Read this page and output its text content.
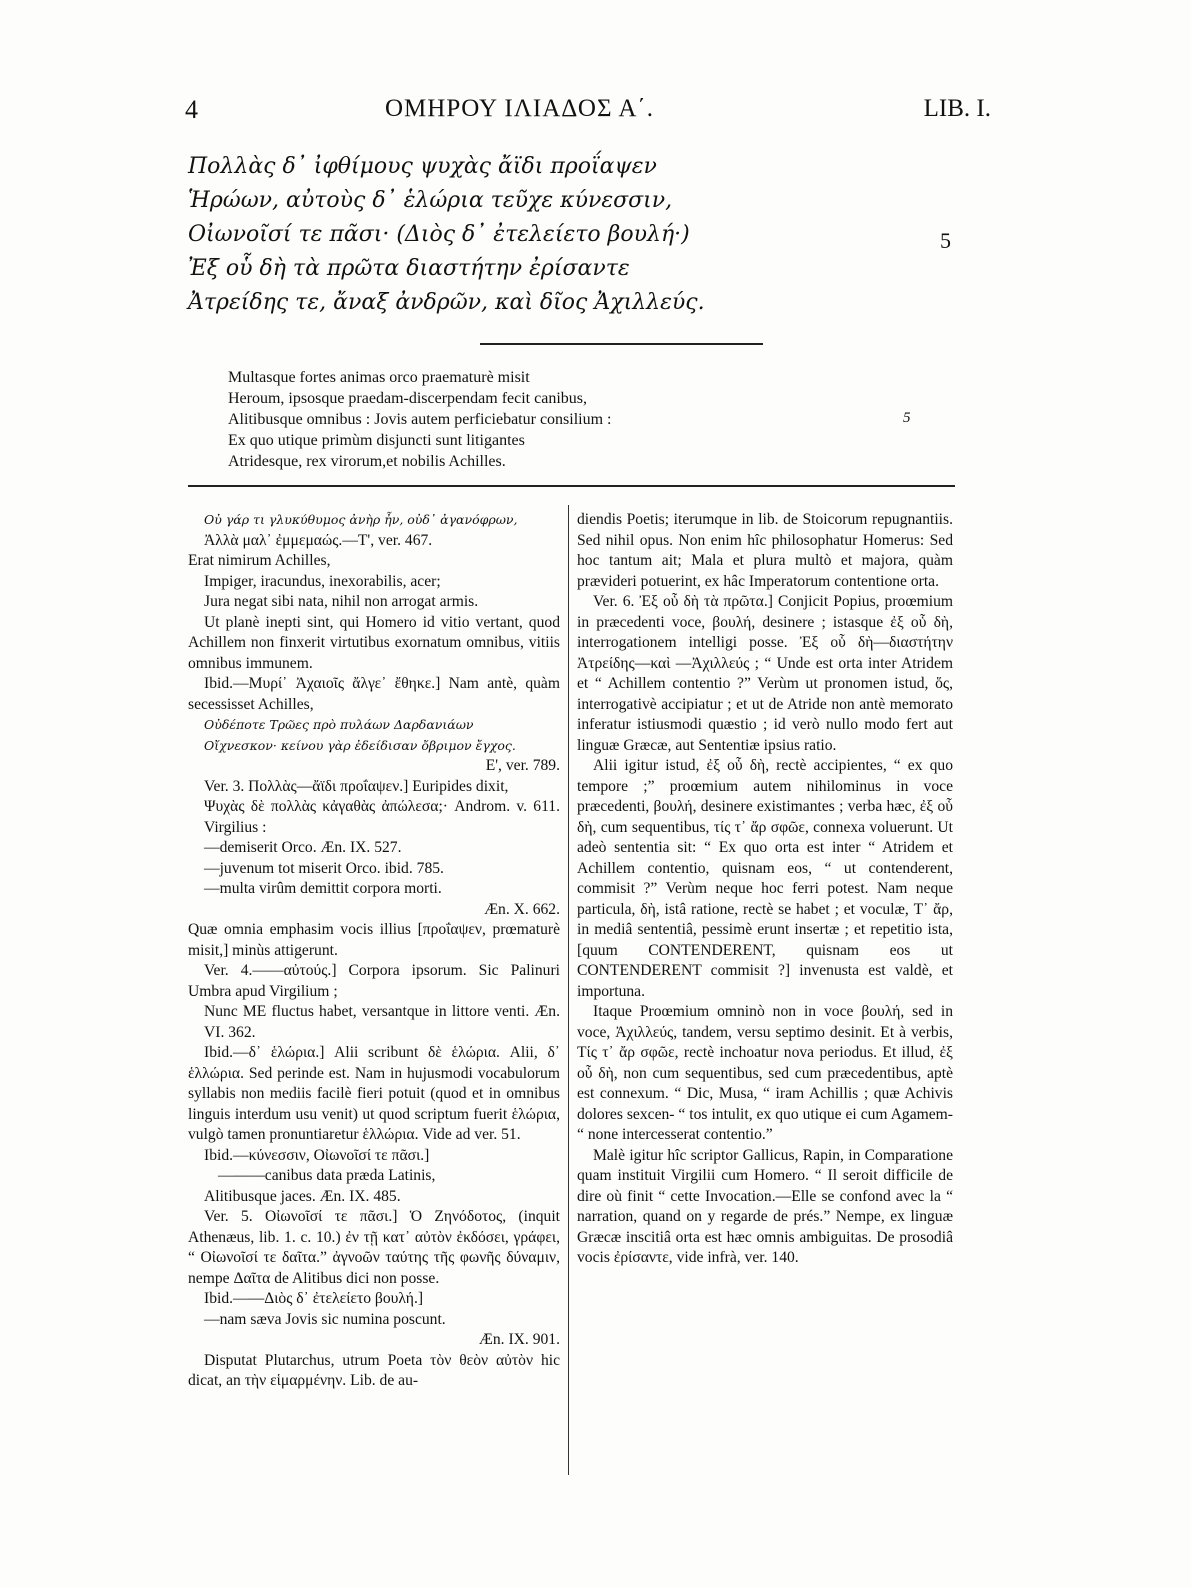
4	ΟΜΗΡΟΥ ΙΛΙΑΔΟΣ Α΄.	LIB. I.
Πολλὰς δ᾽ ἰφθίμους ψυχὰς ἄϊδι προΐαψεν
Ἡρώων, αὐτοὺς δ᾽ ἑλώρια τεῦχε κύνεσσιν,
Οἰωνοῖσί τε πᾶσι· (Διὸς δ᾽ ἐτελείετο βουλή·)
Ἐξ οὗ δὴ τὰ πρῶτα διαστήτην ἐρίσαντε
Ἀτρείδης τε, ἄναξ ἀνδρῶν, καὶ δῖος Ἀχιλλεύς.
5
Multasque fortes animas orco praematurè misit
Heroum, ipsosque praedam-discerpendam fecit canibus,
Alitibusque omnibus : Jovis autem perficiebatur consilium :
Ex quo utique primùm disjuncti sunt litigantes
Atridesque, rex virorum,et nobilis Achilles.
5

Οὐ γάρ τι γλυκύθυμος ἀνὴρ ἦν, οὐδ᾽ ἀγανόφρων,

Ἀλλὰ μαλ᾽ ἐμμεμαώς.—Τ', ver. 467.

Erat nimirum Achilles,

Impiger, iracundus, inexorabilis, acer;

Jura negat sibi nata, nihil non arrogat armis.

Ut planè inepti sint, qui Homero id vitio vertant, quod Achillem non finxerit virtutibus exornatum omnibus, vitiis omnibus immunem.

Ibid.—Μυρί᾽ Ἀχαιοῖς ἄλγε᾽ ἔθηκε.] Nam antè, quàm secessisset Achilles,

Οὐδέποτε Τρῶες πρὸ πυλάων Δαρδανιάων

Οἴχνεσκον· κείνου γὰρ ἐδείδισαν ὄβριμον ἔγχος.

E', ver. 789.

Ver. 3. Πολλὰς—ἄϊδι προΐαψεν.] Euripides dixit,

Ψυχὰς δὲ πολλὰς κἀγαθὰς ἀπώλεσα;· Androm. v. 611. Virgilius :

—demiserit Orco. Æn. IX. 527.

—juvenum tot miserit Orco. ibid. 785.

—multa virûm demittit corpora morti.

Æn. X. 662.

Quæ omnia emphasim vocis illius [προΐαψεν, prœmaturè misit,] minùs attigerunt.

Ver. 4.——αὐτούς.] Corpora ipsorum. Sic Palinuri Umbra apud Virgilium ;

Nunc ME fluctus habet, versantque in littore venti. Æn. VI. 362.

Ibid.—δ᾽ ἑλώρια.] Alii scribunt δὲ ἑλώρια. Alii, δ᾽ ἑλλώρια. Sed perinde est. Nam in hujusmodi vocabulorum syllabis non mediis facilè fieri potuit (quod et in omnibus linguis interdum usu venit) ut quod scriptum fuerit ἑλώρια, vulgò tamen pronuntiaretur ἑλλώρια. Vide ad ver. 51.

Ibid.—κύνεσσιν, Οἰωνοῖσί τε πᾶσι.]

———canibus data præda Latinis,

Alitibusque jaces. Æn. IX. 485.

Ver. 5. Οἰωνοῖσί τε πᾶσι.] Ὁ Ζηνόδοτος, (inquit Athenæus, lib. 1. c. 10.) ἐν τῇ κατ᾽ αὐτὸν ἐκδόσει, γράφει, “ Οἰωνοῖσί τε δαῖτα.” ἀγνοῶν ταύτης τῆς φωνῆς δύναμιν, nempe Δαῖτα de Alitibus dici non posse.

Ibid.——Διὸς δ᾽ ἐτελείετο βουλή.]

—nam sæva Jovis sic numina poscunt.

Æn. IX. 901.

Disputat Plutarchus, utrum Poeta τὸν θεὸν αὐτὸν hic dicat, an τὴν εἱμαρμένην. Lib. de au-

diendis Poetis; iterumque in lib. de Stoicorum repugnantiis. Sed nihil opus. Non enim hîc philosophatur Homerus: Sed hoc tantum ait; Mala et plura multò et majora, quàm prævideri potuerint, ex hâc Imperatorum contentione orta.

Ver. 6. Ἐξ οὗ δὴ τὰ πρῶτα.] Conjicit Popius, proœmium in præcedenti voce, βουλή, desinere ; istasque ἐξ οὗ δὴ, interrogationem intelligi posse. Ἐξ οὗ δὴ—διαστήτην Ἀτρείδης—καὶ —Ἀχιλλεύς ; “ Unde est orta inter Atridem et “ Achillem contentio ?” Verùm ut pronomen istud, ὅς, interrogativè accipiatur ; et ut de Atride non antè memorato inferatur istiusmodi quæstio ; id verò nullo modo fert aut linguæ Græcæ, aut Sententiæ ipsius ratio.

Alii igitur istud, ἐξ οὗ δὴ, rectè accipientes, “ ex quo tempore ;” proœmium autem nihilominus in voce præcedenti, βουλή, desinere existimantes ; verba hæc, ἐξ οὗ δὴ, cum sequentibus, τίς τ᾽ ἄρ σφῶε, connexa voluerunt. Ut adeò sententia sit: “ Ex quo orta est inter “ Atridem et Achillem contentio, quisnam eos, “ ut contenderent, commisit ?” Verùm neque hoc ferri potest. Nam neque particula, δὴ, istâ ratione, rectè se habet ; et voculæ, Τ᾽ ἄρ, in mediâ sententiâ, pessimè erunt insertæ ; et repetitio ista, [quum CONTENDERENT, quisnam eos ut CONTENDERENT commisit ?] invenusta est valdè, et importuna.

Itaque Proœmium omninò non in voce βουλή, sed in voce, Ἀχιλλεύς, tandem, versu septimo desinit. Et à verbis, Τίς τ᾽ ἄρ σφῶε, rectè inchoatur nova periodus. Et illud, ἐξ οὗ δὴ, non cum sequentibus, sed cum præcedentibus, aptè est connexum. “ Dic, Musa, “ iram Achillis ; quæ Achivis dolores sexcen- “ tos intulit, ex quo utique ei cum Agamem- “ none intercesserat contentio.”

Malè igitur hîc scriptor Gallicus, Rapin, in Comparatione quam instituit Virgilii cum Homero. “ Il seroit difficile de dire où finit “ cette Invocation.—Elle se confond avec la “ narration, quand on y regarde de prés.” Nempe, ex linguæ Græcæ inscitiâ orta est hæc omnis ambiguitas. De prosodiâ vocis ἐρίσαντε, vide infrà, ver. 140.
